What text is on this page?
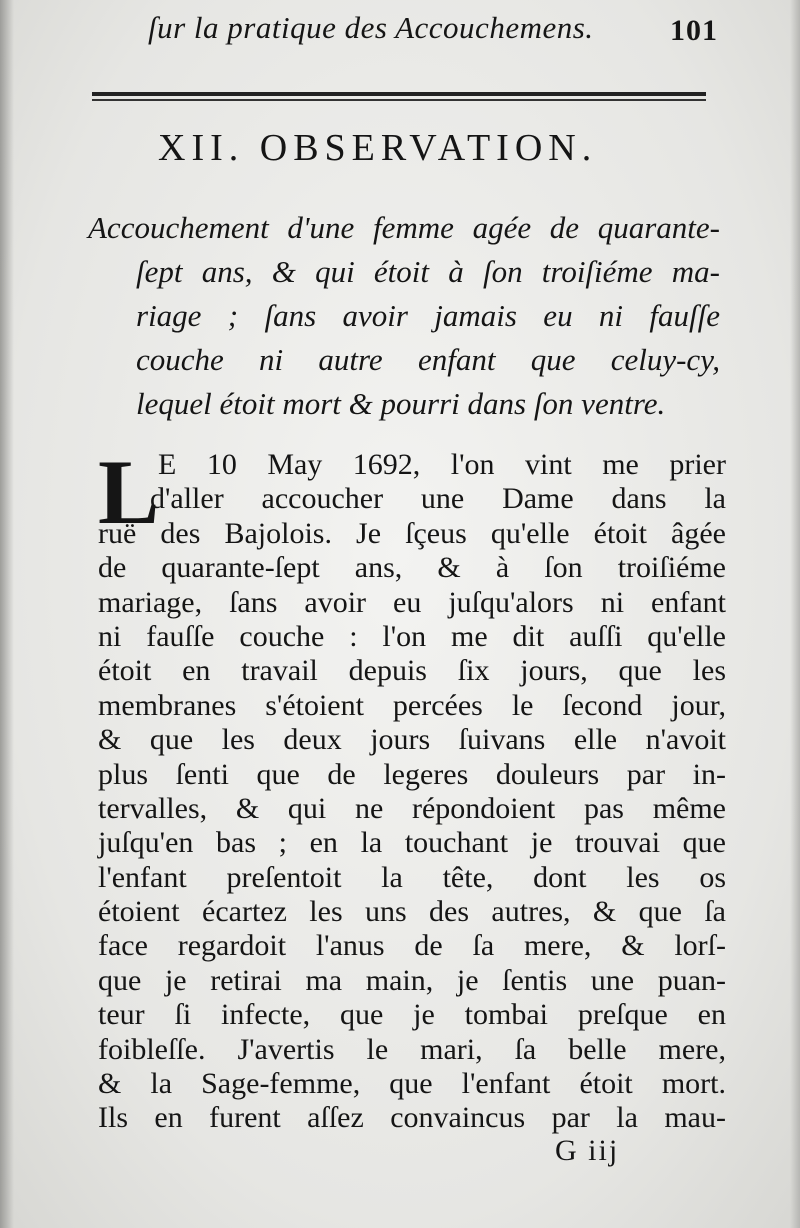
ſur la pratique des Accouchemens.	101
XII. OBSERVATION.
Accouchement d'une femme agée de quarante-
ſept ans, & qui étoit à ſon troiſiéme ma-
riage ; ſans avoir jamais eu ni fauſſe
couche ni autre enfant que celuy-cy,
lequel étoit mort & pourri dans ſon ventre.
L
E 10 May 1692, l'on vint me prier
d'aller accoucher une Dame dans la
ruë des Bajolois. Je ſçeus qu'elle étoit âgée
de quarante-ſept ans, & à ſon troiſiéme
mariage, ſans avoir eu juſqu'alors ni enfant
ni fauſſe couche : l'on me dit auſſi qu'elle
étoit en travail depuis ſix jours, que les
membranes s'étoient percées le ſecond jour,
& que les deux jours ſuivans elle n'avoit
plus ſenti que de legeres douleurs par in-
tervalles, & qui ne répondoient pas même
juſqu'en bas ; en la touchant je trouvai que
l'enfant preſentoit la tête, dont les os
étoient écartez les uns des autres, & que ſa
face regardoit l'anus de ſa mere, & lorſ-
que je retirai ma main, je ſentis une puan-
teur ſi infecte, que je tombai preſque en
foibleſſe. J'avertis le mari, ſa belle mere,
& la Sage-femme, que l'enfant étoit mort.
Ils en furent aſſez convaincus par la mau-
G iij
